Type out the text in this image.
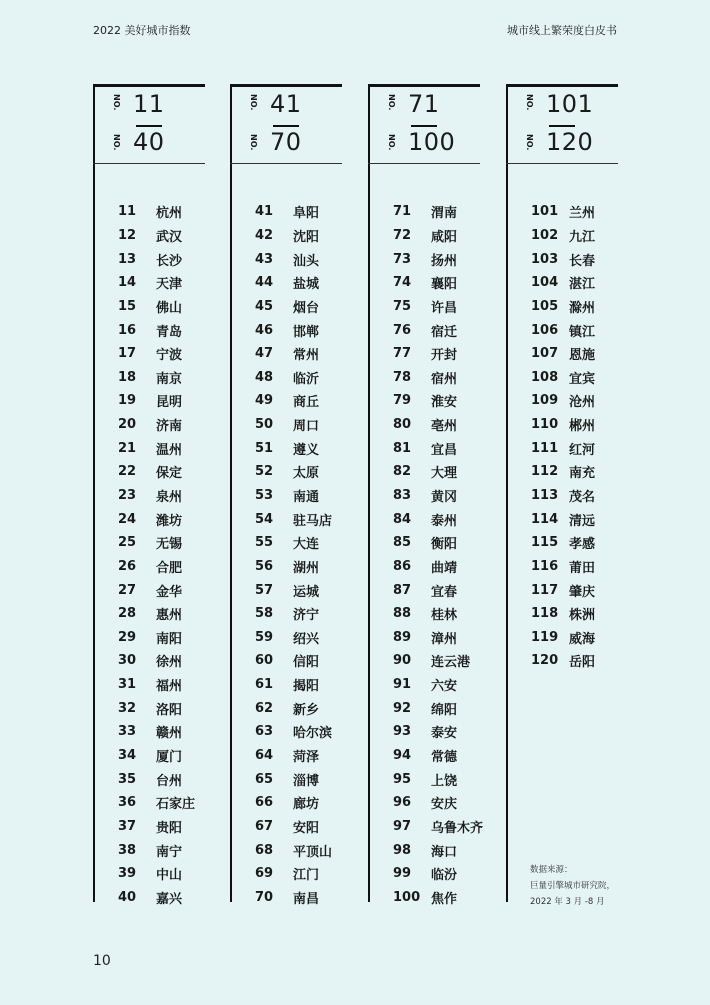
2022 美好城市指数	城市线上繁荣度白皮书
NO. 11
NO. 40
11	杭州
12	武汉
13	长沙
14	天津
15	佛山
16	青岛
17	宁波
18	南京
19	昆明
20	济南
21	温州
22	保定
23	泉州
24	潍坊
25	无锡
26	合肥
27	金华
28	惠州
29	南阳
30	徐州
31	福州
32	洛阳
33	赣州
34	厦门
35	台州
36	石家庄
37	贵阳
38	南宁
39	中山
40	嘉兴
NO. 41
NO. 70
41	阜阳
42	沈阳
43	汕头
44	盐城
45	烟台
46	邯郸
47	常州
48	临沂
49	商丘
50	周口
51	遵义
52	太原
53	南通
54	驻马店
55	大连
56	湖州
57	运城
58	济宁
59	绍兴
60	信阳
61	揭阳
62	新乡
63	哈尔滨
64	菏泽
65	淄博
66	廊坊
67	安阳
68	平顶山
69	江门
70	南昌
NO. 71
NO. 100
71	渭南
72	咸阳
73	扬州
74	襄阳
75	许昌
76	宿迁
77	开封
78	宿州
79	淮安
80	亳州
81	宜昌
82	大理
83	黄冈
84	泰州
85	衡阳
86	曲靖
87	宜春
88	桂林
89	漳州
90	连云港
91	六安
92	绵阳
93	泰安
94	常德
95	上饶
96	安庆
97	乌鲁木齐
98	海口
99	临汾
100 焦作
NO. 101
NO. 120
101 兰州
102 九江
103 长春
104 湛江
105 滁州
106 镇江
107 恩施
108 宜宾
109 沧州
110 郴州
111 红河
112 南充
113 茂名
114 清远
115 孝感
116 莆田
117 肇庆
118 株洲
119 威海
120 岳阳
数据来源：
巨量引擎城市研究院，
2022 年 3 月 -8 月
10
